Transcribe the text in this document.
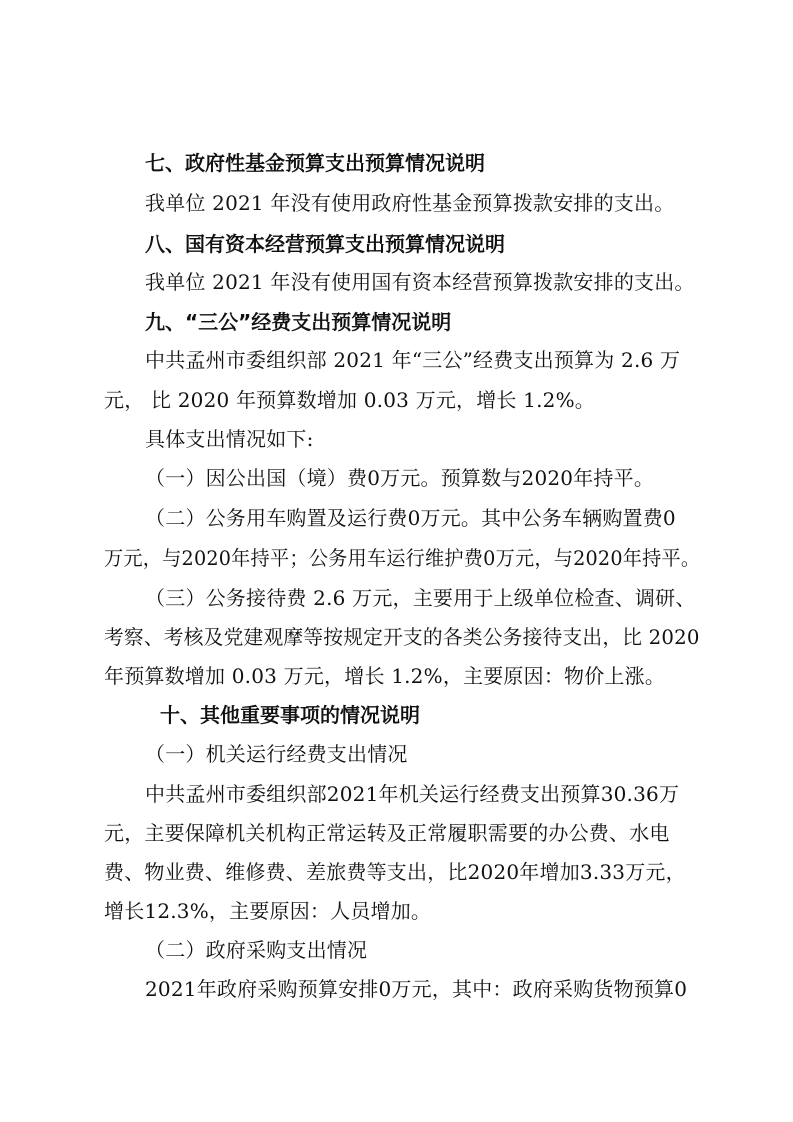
七、政府性基金预算支出预算情况说明
我单位 2021 年没有使用政府性基金预算拨款安排的支出。
八、国有资本经营预算支出预算情况说明
我单位 2021 年没有使用国有资本经营预算拨款安排的支出。
九、“三公”经费支出预算情况说明
中共孟州市委组织部 2021 年“三公”经费支出预算为 2.6 万
元， 比 2020 年预算数增加 0.03 万元，增长 1.2%。
具体支出情况如下:
（一）因公出国（境）费0万元。预算数与2020年持平。
（二）公务用车购置及运行费0万元。其中公务车辆购置费0
万元，与2020年持平；公务用车运行维护费0万元，与2020年持平。
（三）公务接待费 2.6 万元，主要用于上级单位检查、调研、
考察、考核及党建观摩等按规定开支的各类公务接待支出，比 2020
年预算数增加 0.03 万元，增长 1.2%，主要原因：物价上涨。
十、其他重要事项的情况说明
（一）机关运行经费支出情况
中共孟州市委组织部2021年机关运行经费支出预算30.36万
元，主要保障机关机构正常运转及正常履职需要的办公费、水电
费、物业费、维修费、差旅费等支出，比2020年增加3.33万元，
增长12.3%，主要原因：人员增加。
（二）政府采购支出情况
2021年政府采购预算安排0万元，其中：政府采购货物预算0
